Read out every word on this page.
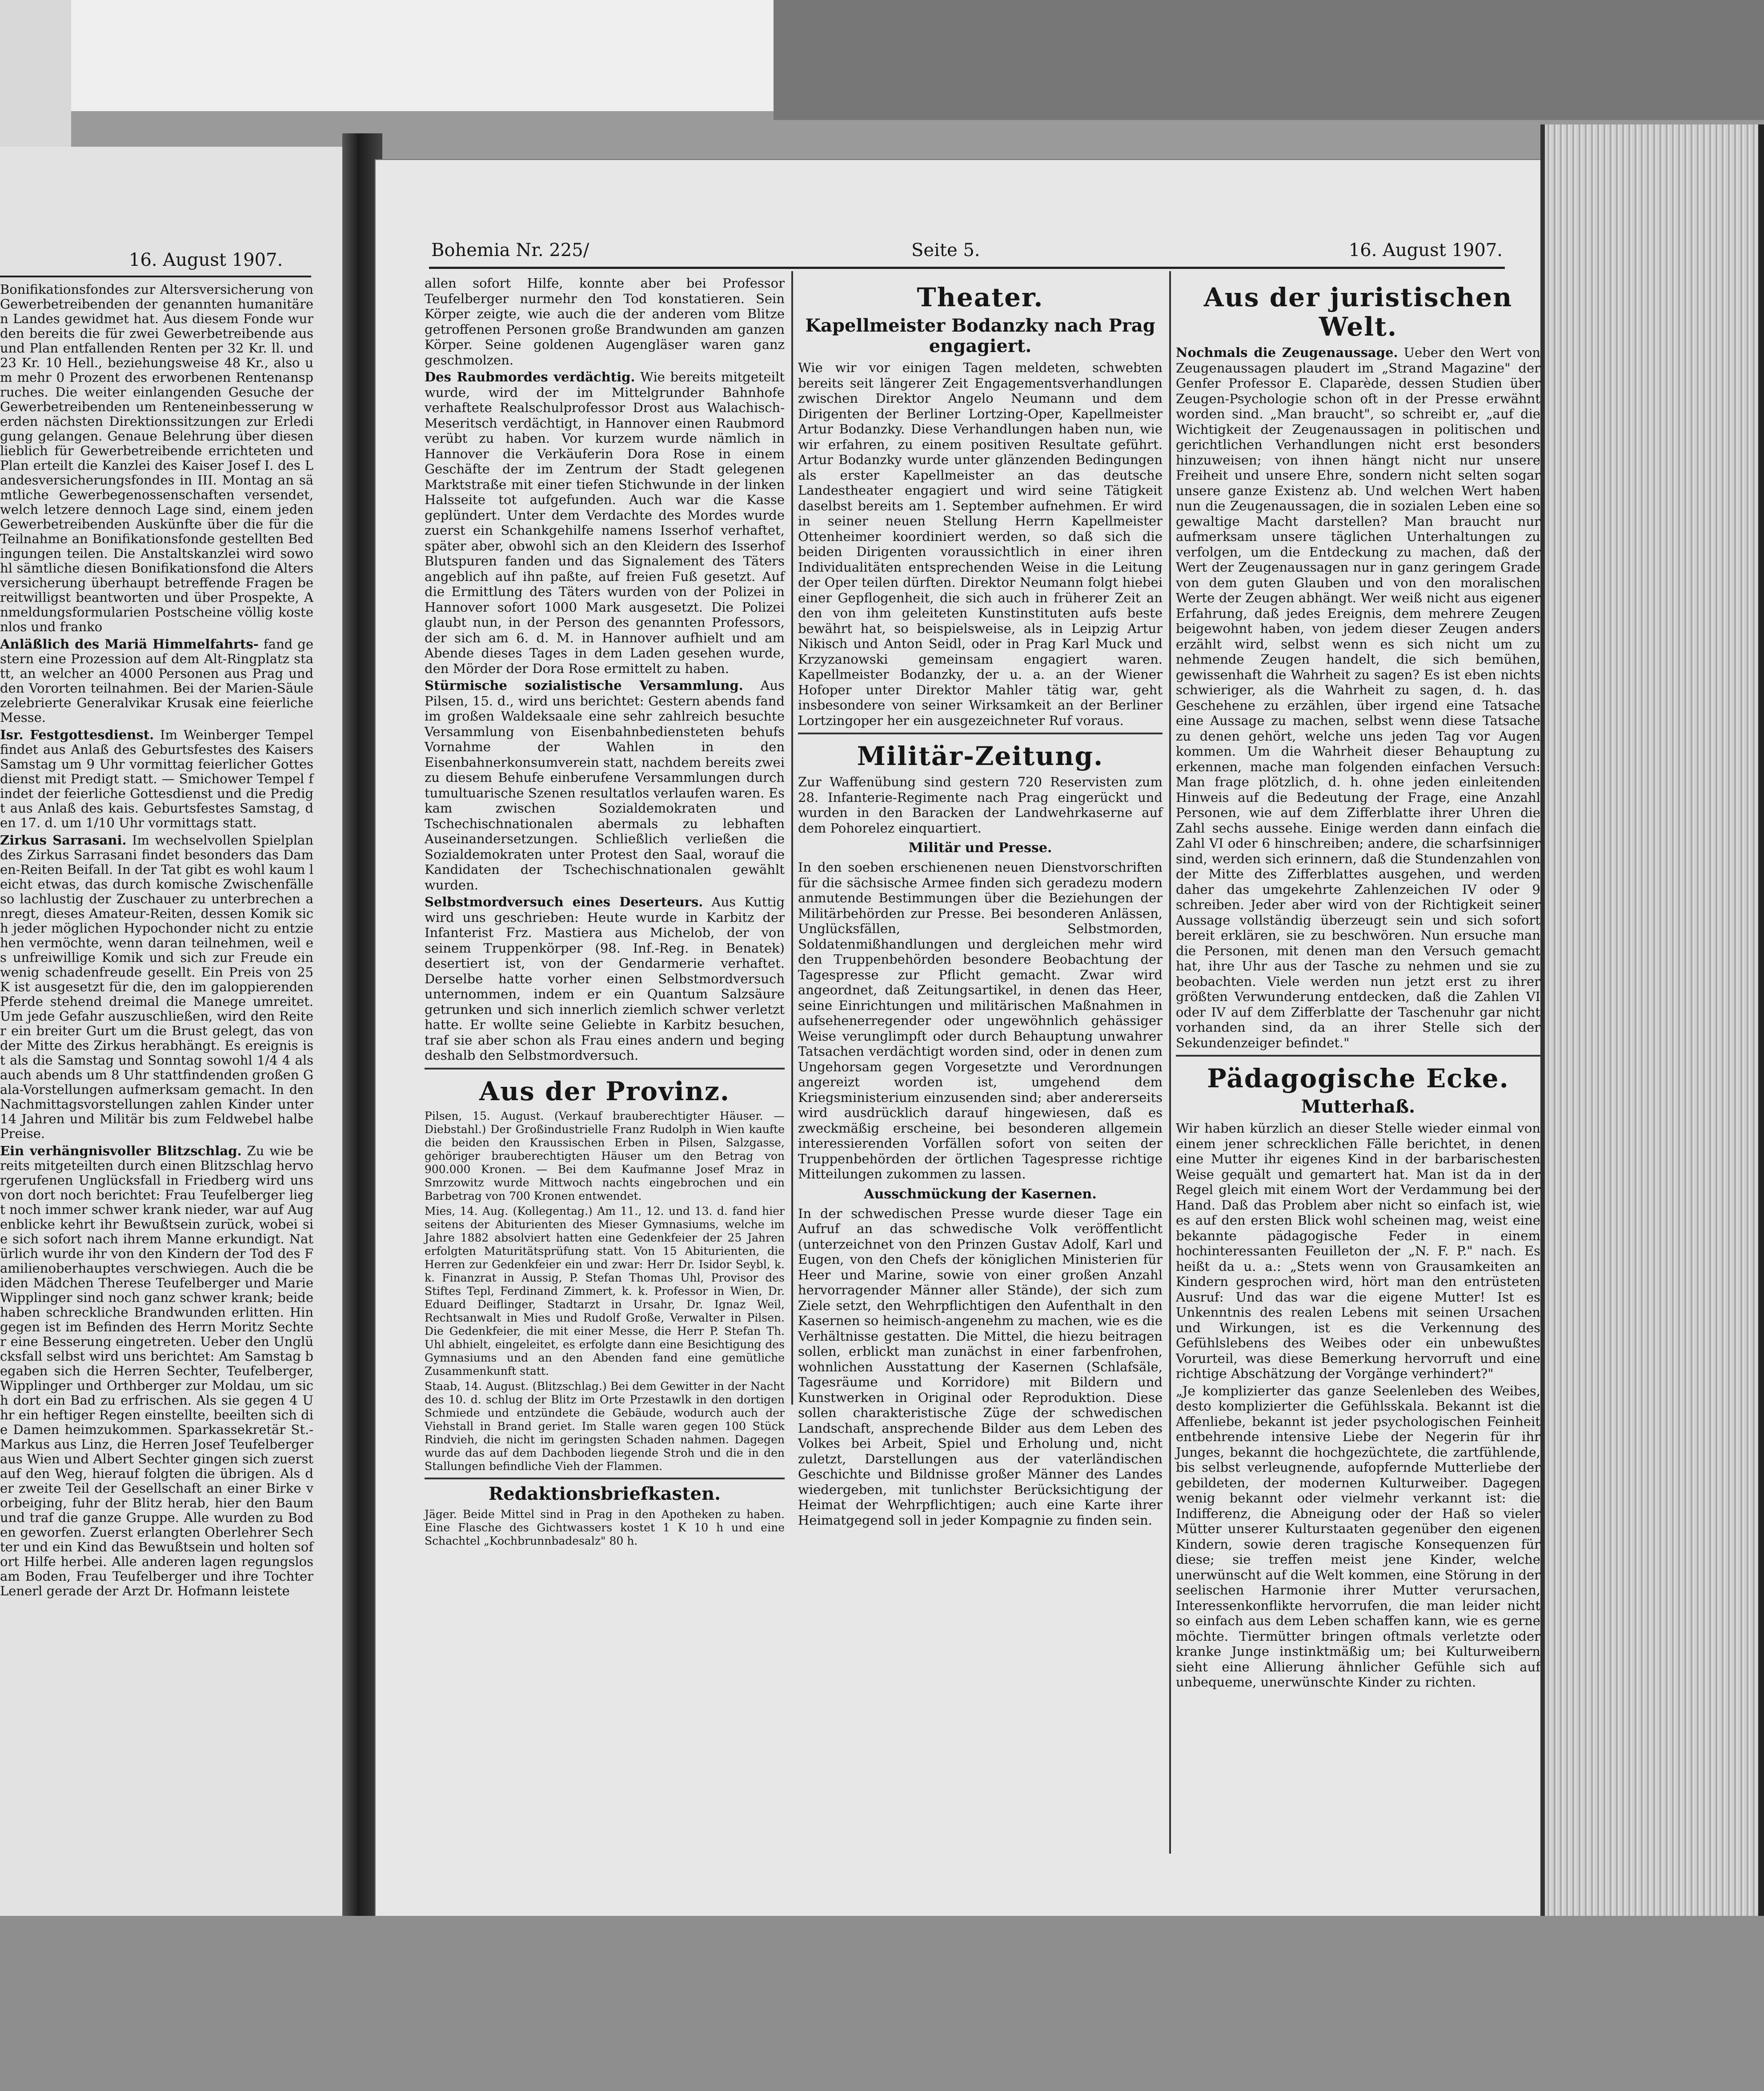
16. August 1907.

Bonifikationsfondes zur Altersversicherung von Gewerbetreibenden der genannten humanitären Landes gewidmet hat. Aus diesem Fonde wurden bereits die für zwei Gewerbetreibende aus und Plan entfallenden Renten per 32 Kr. ll. und 23 Kr. 10 Hell., beziehungsweise 48 Kr., also um mehr 0 Prozent des erworbenen Rentenanspruches. Die weiter einlangenden Gesuche der Gewerbetreibenden um Renteneinbesserung werden nächsten Direktionssitzungen zur Erledigung gelangen. Genaue Belehrung über diesen lieblich für Gewerbetreibende errichteten und Plan erteilt die Kanzlei des Kaiser Josef I. des Landesversicherungsfondes in III. Montag an sämtliche Gewerbegenossenschaften versendet, welch letzere dennoch Lage sind, einem jeden Gewerbetreibenden Auskünfte über die für die Teilnahme an Bonifikationsfonde gestellten Bedingungen teilen. Die Anstaltskanzlei wird sowohl sämtliche diesen Bonifikationsfond die Altersversicherung überhaupt betreffende Fragen bereitwilligst beantworten und über Prospekte, Anmeldungsformularien Postscheine völlig kostenlos und franko

Anläßlich des Mariä Himmelfahrts- fand gestern eine Prozession auf dem Alt-Ringplatz statt, an welcher an 4000 Personen aus Prag und den Vororten teilnahmen. Bei der Marien-Säule zelebrierte Generalvikar Krusak eine feierliche Messe.

Isr. Festgottesdienst. Im Weinberger Tempel findet aus Anlaß des Geburtsfestes des Kaisers Samstag um 9 Uhr vormittag feierlicher Gottesdienst mit Predigt statt. — Smichower Tempel findet der feierliche Gottesdienst und die Predigt aus Anlaß des kais. Geburtsfestes Samstag, den 17. d. um 1/10 Uhr vormittags statt.

Zirkus Sarrasani. Im wechselvollen Spielplan des Zirkus Sarrasani findet besonders das Damen-Reiten Beifall. In der Tat gibt es wohl kaum leicht etwas, das durch komische Zwischenfälle so lachlustig der Zuschauer zu unterbrechen anregt, dieses Amateur-Reiten, dessen Komik sich jeder möglichen Hypochonder nicht zu entziehen vermöchte, wenn daran teilnehmen, weil es unfreiwillige Komik und sich zur Freude ein wenig schadenfreude gesellt. Ein Preis von 25 K ist ausgesetzt für die, den im galoppierenden Pferde stehend dreimal die Manege umreitet. Um jede Gefahr auszuschließen, wird den Reiter ein breiter Gurt um die Brust gelegt, das von der Mitte des Zirkus herabhängt. Es ereignis ist als die Samstag und Sonntag sowohl 1/4 4 als auch abends um 8 Uhr stattfindenden großen Gala-Vorstellungen aufmerksam gemacht. In den Nachmittagsvorstellungen zahlen Kinder unter 14 Jahren und Militär bis zum Feldwebel halbe Preise.

Ein verhängnisvoller Blitzschlag. Zu wie bereits mitgeteilten durch einen Blitzschlag hervorgerufenen Unglücksfall in Friedberg wird uns von dort noch berichtet: Frau Teufelberger liegt noch immer schwer krank nieder, war auf Augenblicke kehrt ihr Bewußtsein zurück, wobei sie sich sofort nach ihrem Manne erkundigt. Natürlich wurde ihr von den Kindern der Tod des Familienoberhauptes verschwiegen. Auch die beiden Mädchen Therese Teufelberger und Marie Wipplinger sind noch ganz schwer krank; beide haben schreckliche Brandwunden erlitten. Hingegen ist im Befinden des Herrn Moritz Sechter eine Besserung eingetreten. Ueber den Unglücksfall selbst wird uns berichtet: Am Samstag begaben sich die Herren Sechter, Teufelberger, Wipplinger und Orthberger zur Moldau, um sich dort ein Bad zu erfrischen. Als sie gegen 4 Uhr ein heftiger Regen einstellte, beeilten sich die Damen heimzukommen. Sparkassekretär St.-Markus aus Linz, die Herren Josef Teufelberger aus Wien und Albert Sechter gingen sich zuerst auf den Weg, hierauf folgten die übrigen. Als der zweite Teil der Gesellschaft an einer Birke vorbeiging, fuhr der Blitz herab, hier den Baum und traf die ganze Gruppe. Alle wurden zu Boden geworfen. Zuerst erlangten Oberlehrer Sechter und ein Kind das Bewußtsein und holten sofort Hilfe herbei. Alle anderen lagen regungslos am Boden, Frau Teufelberger und ihre Tochter Lenerl gerade der Arzt Dr. Hofmann leistete

Bohemia Nr. 225/	Seite 5.	16. August 1907.

allen sofort Hilfe, konnte aber bei Professor Teufelberger nurmehr den Tod konstatieren. Sein Körper zeigte, wie auch die der anderen vom Blitze getroffenen Personen große Brandwunden am ganzen Körper. Seine goldenen Augengläser waren ganz geschmolzen.

Des Raubmordes verdächtig. Wie bereits mitgeteilt wurde, wird der im Mittelgrunder Bahnhofe verhaftete Realschulprofessor Drost aus Walachisch-Meseritsch verdächtigt, in Hannover einen Raubmord verübt zu haben. Vor kurzem wurde nämlich in Hannover die Verkäuferin Dora Rose in einem Geschäfte der im Zentrum der Stadt gelegenen Marktstraße mit einer tiefen Stichwunde in der linken Halsseite tot aufgefunden. Auch war die Kasse geplündert. Unter dem Verdachte des Mordes wurde zuerst ein Schankgehilfe namens Isserhof verhaftet, später aber, obwohl sich an den Kleidern des Isserhof Blutspuren fanden und das Signalement des Täters angeblich auf ihn paßte, auf freien Fuß gesetzt. Auf die Ermittlung des Täters wurden von der Polizei in Hannover sofort 1000 Mark ausgesetzt. Die Polizei glaubt nun, in der Person des genannten Professors, der sich am 6. d. M. in Hannover aufhielt und am Abende dieses Tages in dem Laden gesehen wurde, den Mörder der Dora Rose ermittelt zu haben.

Stürmische sozialistische Versammlung. Aus Pilsen, 15. d., wird uns berichtet: Gestern abends fand im großen Waldeksaale eine sehr zahlreich besuchte Versammlung von Eisenbahnbediensteten behufs Vornahme der Wahlen in den Eisenbahnerkonsumverein statt, nachdem bereits zwei zu diesem Behufe einberufene Versammlungen durch tumultuarische Szenen resultatlos verlaufen waren. Es kam zwischen Sozialdemokraten und Tschechischnationalen abermals zu lebhaften Auseinandersetzungen. Schließlich verließen die Sozialdemokraten unter Protest den Saal, worauf die Kandidaten der Tschechischnationalen gewählt wurden.

Selbstmordversuch eines Deserteurs. Aus Kuttig wird uns geschrieben: Heute wurde in Karbitz der Infanterist Frz. Mastiera aus Michelob, der von seinem Truppenkörper (98. Inf.-Reg. in Benatek) desertiert ist, von der Gendarmerie verhaftet. Derselbe hatte vorher einen Selbstmordversuch unternommen, indem er ein Quantum Salzsäure getrunken und sich innerlich ziemlich schwer verletzt hatte. Er wollte seine Geliebte in Karbitz besuchen, traf sie aber schon als Frau eines andern und beging deshalb den Selbstmordversuch.

Aus der Provinz.

Pilsen, 15. August. (Verkauf brauberechtigter Häuser. — Diebstahl.) Der Großindustrielle Franz Rudolph in Wien kaufte die beiden den Kraussischen Erben in Pilsen, Salzgasse, gehöriger brauberechtigten Häuser um den Betrag von 900.000 Kronen. — Bei dem Kaufmanne Josef Mraz in Smrzowitz wurde Mittwoch nachts eingebrochen und ein Barbetrag von 700 Kronen entwendet.

Mies, 14. Aug. (Kollegentag.) Am 11., 12. und 13. d. fand hier seitens der Abiturienten des Mieser Gymnasiums, welche im Jahre 1882 absolviert hatten eine Gedenkfeier der 25 Jahren erfolgten Maturitätsprüfung statt. Von 15 Abiturienten, die Herren zur Gedenkfeier ein und zwar: Herr Dr. Isidor Seybl, k. k. Finanzrat in Aussig, P. Stefan Thomas Uhl, Provisor des Stiftes Tepl, Ferdinand Zimmert, k. k. Professor in Wien, Dr. Eduard Deiflinger, Stadtarzt in Ursahr, Dr. Ignaz Weil, Rechtsanwalt in Mies und Rudolf Große, Verwalter in Pilsen. Die Gedenkfeier, die mit einer Messe, die Herr P. Stefan Th. Uhl abhielt, eingeleitet, es erfolgte dann eine Besichtigung des Gymnasiums und an den Abenden fand eine gemütliche Zusammenkunft statt.

Staab, 14. August. (Blitzschlag.) Bei dem Gewitter in der Nacht des 10. d. schlug der Blitz im Orte Przestawlk in den dortigen Schmiede und entzündete die Gebäude, wodurch auch der Viehstall in Brand geriet. Im Stalle waren gegen 100 Stück Rindvieh, die nicht im geringsten Schaden nahmen. Dagegen wurde das auf dem Dachboden liegende Stroh und die in den Stallungen befindliche Vieh der Flammen.

Redaktionsbriefkasten.

Jäger. Beide Mittel sind in Prag in den Apotheken zu haben. Eine Flasche des Gichtwassers kostet 1 K 10 h und eine Schachtel „Kochbrunnbadesalz" 80 h.

Theater.
Kapellmeister Bodanzky nach Prag engagiert.

Wie wir vor einigen Tagen meldeten, schwebten bereits seit längerer Zeit Engagementsverhandlungen zwischen Direktor Angelo Neumann und dem Dirigenten der Berliner Lortzing-Oper, Kapellmeister Artur Bodanzky. Diese Verhandlungen haben nun, wie wir erfahren, zu einem positiven Resultate geführt. Artur Bodanzky wurde unter glänzenden Bedingungen als erster Kapellmeister an das deutsche Landestheater engagiert und wird seine Tätigkeit daselbst bereits am 1. September aufnehmen. Er wird in seiner neuen Stellung Herrn Kapellmeister Ottenheimer koordiniert werden, so daß sich die beiden Dirigenten voraussichtlich in einer ihren Individualitäten entsprechenden Weise in die Leitung der Oper teilen dürften. Direktor Neumann folgt hiebei einer Gepflogenheit, die sich auch in früherer Zeit an den von ihm geleiteten Kunstinstituten aufs beste bewährt hat, so beispielsweise, als in Leipzig Artur Nikisch und Anton Seidl, oder in Prag Karl Muck und Krzyzanowski gemeinsam engagiert waren. Kapellmeister Bodanzky, der u. a. an der Wiener Hofoper unter Direktor Mahler tätig war, geht insbesondere von seiner Wirksamkeit an der Berliner Lortzingoper her ein ausgezeichneter Ruf voraus.

Militär-Zeitung.

Zur Waffenübung sind gestern 720 Reservisten zum 28. Infanterie-Regimente nach Prag eingerückt und wurden in den Baracken der Landwehrkaserne auf dem Pohorelez einquartiert.

Militär und Presse.

In den soeben erschienenen neuen Dienstvorschriften für die sächsische Armee finden sich geradezu modern anmutende Bestimmungen über die Beziehungen der Militärbehörden zur Presse. Bei besonderen Anlässen, Unglücksfällen, Selbstmorden, Soldatenmißhandlungen und dergleichen mehr wird den Truppenbehörden besondere Beobachtung der Tagespresse zur Pflicht gemacht. Zwar wird angeordnet, daß Zeitungsartikel, in denen das Heer, seine Einrichtungen und militärischen Maßnahmen in aufsehenerregender oder ungewöhnlich gehässiger Weise verunglimpft oder durch Behauptung unwahrer Tatsachen verdächtigt worden sind, oder in denen zum Ungehorsam gegen Vorgesetzte und Verordnungen angereizt worden ist, umgehend dem Kriegsministerium einzusenden sind; aber andererseits wird ausdrücklich darauf hingewiesen, daß es zweckmäßig erscheine, bei besonderen allgemein interessierenden Vorfällen sofort von seiten der Truppenbehörden der örtlichen Tagespresse richtige Mitteilungen zukommen zu lassen.

Ausschmückung der Kasernen.

In der schwedischen Presse wurde dieser Tage ein Aufruf an das schwedische Volk veröffentlicht (unterzeichnet von den Prinzen Gustav Adolf, Karl und Eugen, von den Chefs der königlichen Ministerien für Heer und Marine, sowie von einer großen Anzahl hervorragender Männer aller Stände), der sich zum Ziele setzt, den Wehrpflichtigen den Aufenthalt in den Kasernen so heimisch-angenehm zu machen, wie es die Verhältnisse gestatten. Die Mittel, die hiezu beitragen sollen, erblickt man zunächst in einer farbenfrohen, wohnlichen Ausstattung der Kasernen (Schlafsäle, Tagesräume und Korridore) mit Bildern und Kunstwerken in Original oder Reproduktion. Diese sollen charakteristische Züge der schwedischen Landschaft, ansprechende Bilder aus dem Leben des Volkes bei Arbeit, Spiel und Erholung und, nicht zuletzt, Darstellungen aus der vaterländischen Geschichte und Bildnisse großer Männer des Landes wiedergeben, mit tunlichster Berücksichtigung der Heimat der Wehrpflichtigen; auch eine Karte ihrer Heimatgegend soll in jeder Kompagnie zu finden sein.

Aus der juristischen Welt.

Nochmals die Zeugenaussage. Ueber den Wert von Zeugenaussagen plaudert im „Strand Magazine" der Genfer Professor E. Claparède, dessen Studien über Zeugen-Psychologie schon oft in der Presse erwähnt worden sind. „Man braucht", so schreibt er, „auf die Wichtigkeit der Zeugenaussagen in politischen und gerichtlichen Verhandlungen nicht erst besonders hinzuweisen; von ihnen hängt nicht nur unsere Freiheit und unsere Ehre, sondern nicht selten sogar unsere ganze Existenz ab. Und welchen Wert haben nun die Zeugenaussagen, die in sozialen Leben eine so gewaltige Macht darstellen? Man braucht nur aufmerksam unsere täglichen Unterhaltungen zu verfolgen, um die Entdeckung zu machen, daß der Wert der Zeugenaussagen nur in ganz geringem Grade von dem guten Glauben und von den moralischen Werte der Zeugen abhängt. Wer weiß nicht aus eigener Erfahrung, daß jedes Ereignis, dem mehrere Zeugen beigewohnt haben, von jedem dieser Zeugen anders erzählt wird, selbst wenn es sich nicht um zu nehmende Zeugen handelt, die sich bemühen, gewissenhaft die Wahrheit zu sagen? Es ist eben nichts schwieriger, als die Wahrheit zu sagen, d. h. das Geschehene zu erzählen, über irgend eine Tatsache eine Aussage zu machen, selbst wenn diese Tatsache zu denen gehört, welche uns jeden Tag vor Augen kommen. Um die Wahrheit dieser Behauptung zu erkennen, mache man folgenden einfachen Versuch: Man frage plötzlich, d. h. ohne jeden einleitenden Hinweis auf die Bedeutung der Frage, eine Anzahl Personen, wie auf dem Zifferblatte ihrer Uhren die Zahl sechs aussehe. Einige werden dann einfach die Zahl VI oder 6 hinschreiben; andere, die scharfsinniger sind, werden sich erinnern, daß die Stundenzahlen von der Mitte des Zifferblattes ausgehen, und werden daher das umgekehrte Zahlenzeichen IV oder 9 schreiben. Jeder aber wird von der Richtigkeit seiner Aussage vollständig überzeugt sein und sich sofort bereit erklären, sie zu beschwören. Nun ersuche man die Personen, mit denen man den Versuch gemacht hat, ihre Uhr aus der Tasche zu nehmen und sie zu beobachten. Viele werden nun jetzt erst zu ihrer größten Verwunderung entdecken, daß die Zahlen VI oder IV auf dem Zifferblatte der Taschenuhr gar nicht vorhanden sind, da an ihrer Stelle sich der Sekundenzeiger befindet."

Pädagogische Ecke.
Mutterhaß.

Wir haben kürzlich an dieser Stelle wieder einmal von einem jener schrecklichen Fälle berichtet, in denen eine Mutter ihr eigenes Kind in der barbarischesten Weise gequält und gemartert hat. Man ist da in der Regel gleich mit einem Wort der Verdammung bei der Hand. Daß das Problem aber nicht so einfach ist, wie es auf den ersten Blick wohl scheinen mag, weist eine bekannte pädagogische Feder in einem hochinteressanten Feuilleton der „N. F. P." nach. Es heißt da u. a.: „Stets wenn von Grausamkeiten an Kindern gesprochen wird, hört man den entrüsteten Ausruf: Und das war die eigene Mutter! Ist es Unkenntnis des realen Lebens mit seinen Ursachen und Wirkungen, ist es die Verkennung des Gefühlslebens des Weibes oder ein unbewußtes Vorurteil, was diese Bemerkung hervorruft und eine richtige Abschätzung der Vorgänge verhindert?"

„Je komplizierter das ganze Seelenleben des Weibes, desto komplizierter die Gefühlsskala. Bekannt ist die Affenliebe, bekannt ist jeder psychologischen Feinheit entbehrende intensive Liebe der Negerin für ihr Junges, bekannt die hochgezüchtete, die zartfühlende, bis selbst verleugnende, aufopfernde Mutterliebe der gebildeten, der modernen Kulturweiber. Dagegen wenig bekannt oder vielmehr verkannt ist: die Indifferenz, die Abneigung oder der Haß so vieler Mütter unserer Kulturstaaten gegenüber den eigenen Kindern, sowie deren tragische Konsequenzen für diese; sie treffen meist jene Kinder, welche unerwünscht auf die Welt kommen, eine Störung in der seelischen Harmonie ihrer Mutter verursachen, Interessenkonflikte hervorrufen, die man leider nicht so einfach aus dem Leben schaffen kann, wie es gerne möchte. Tiermütter bringen oftmals verletzte oder kranke Junge instinktmäßig um; bei Kulturweibern sieht eine Allierung ähnlicher Gefühle sich auf unbequeme, unerwünschte Kinder zu richten.
